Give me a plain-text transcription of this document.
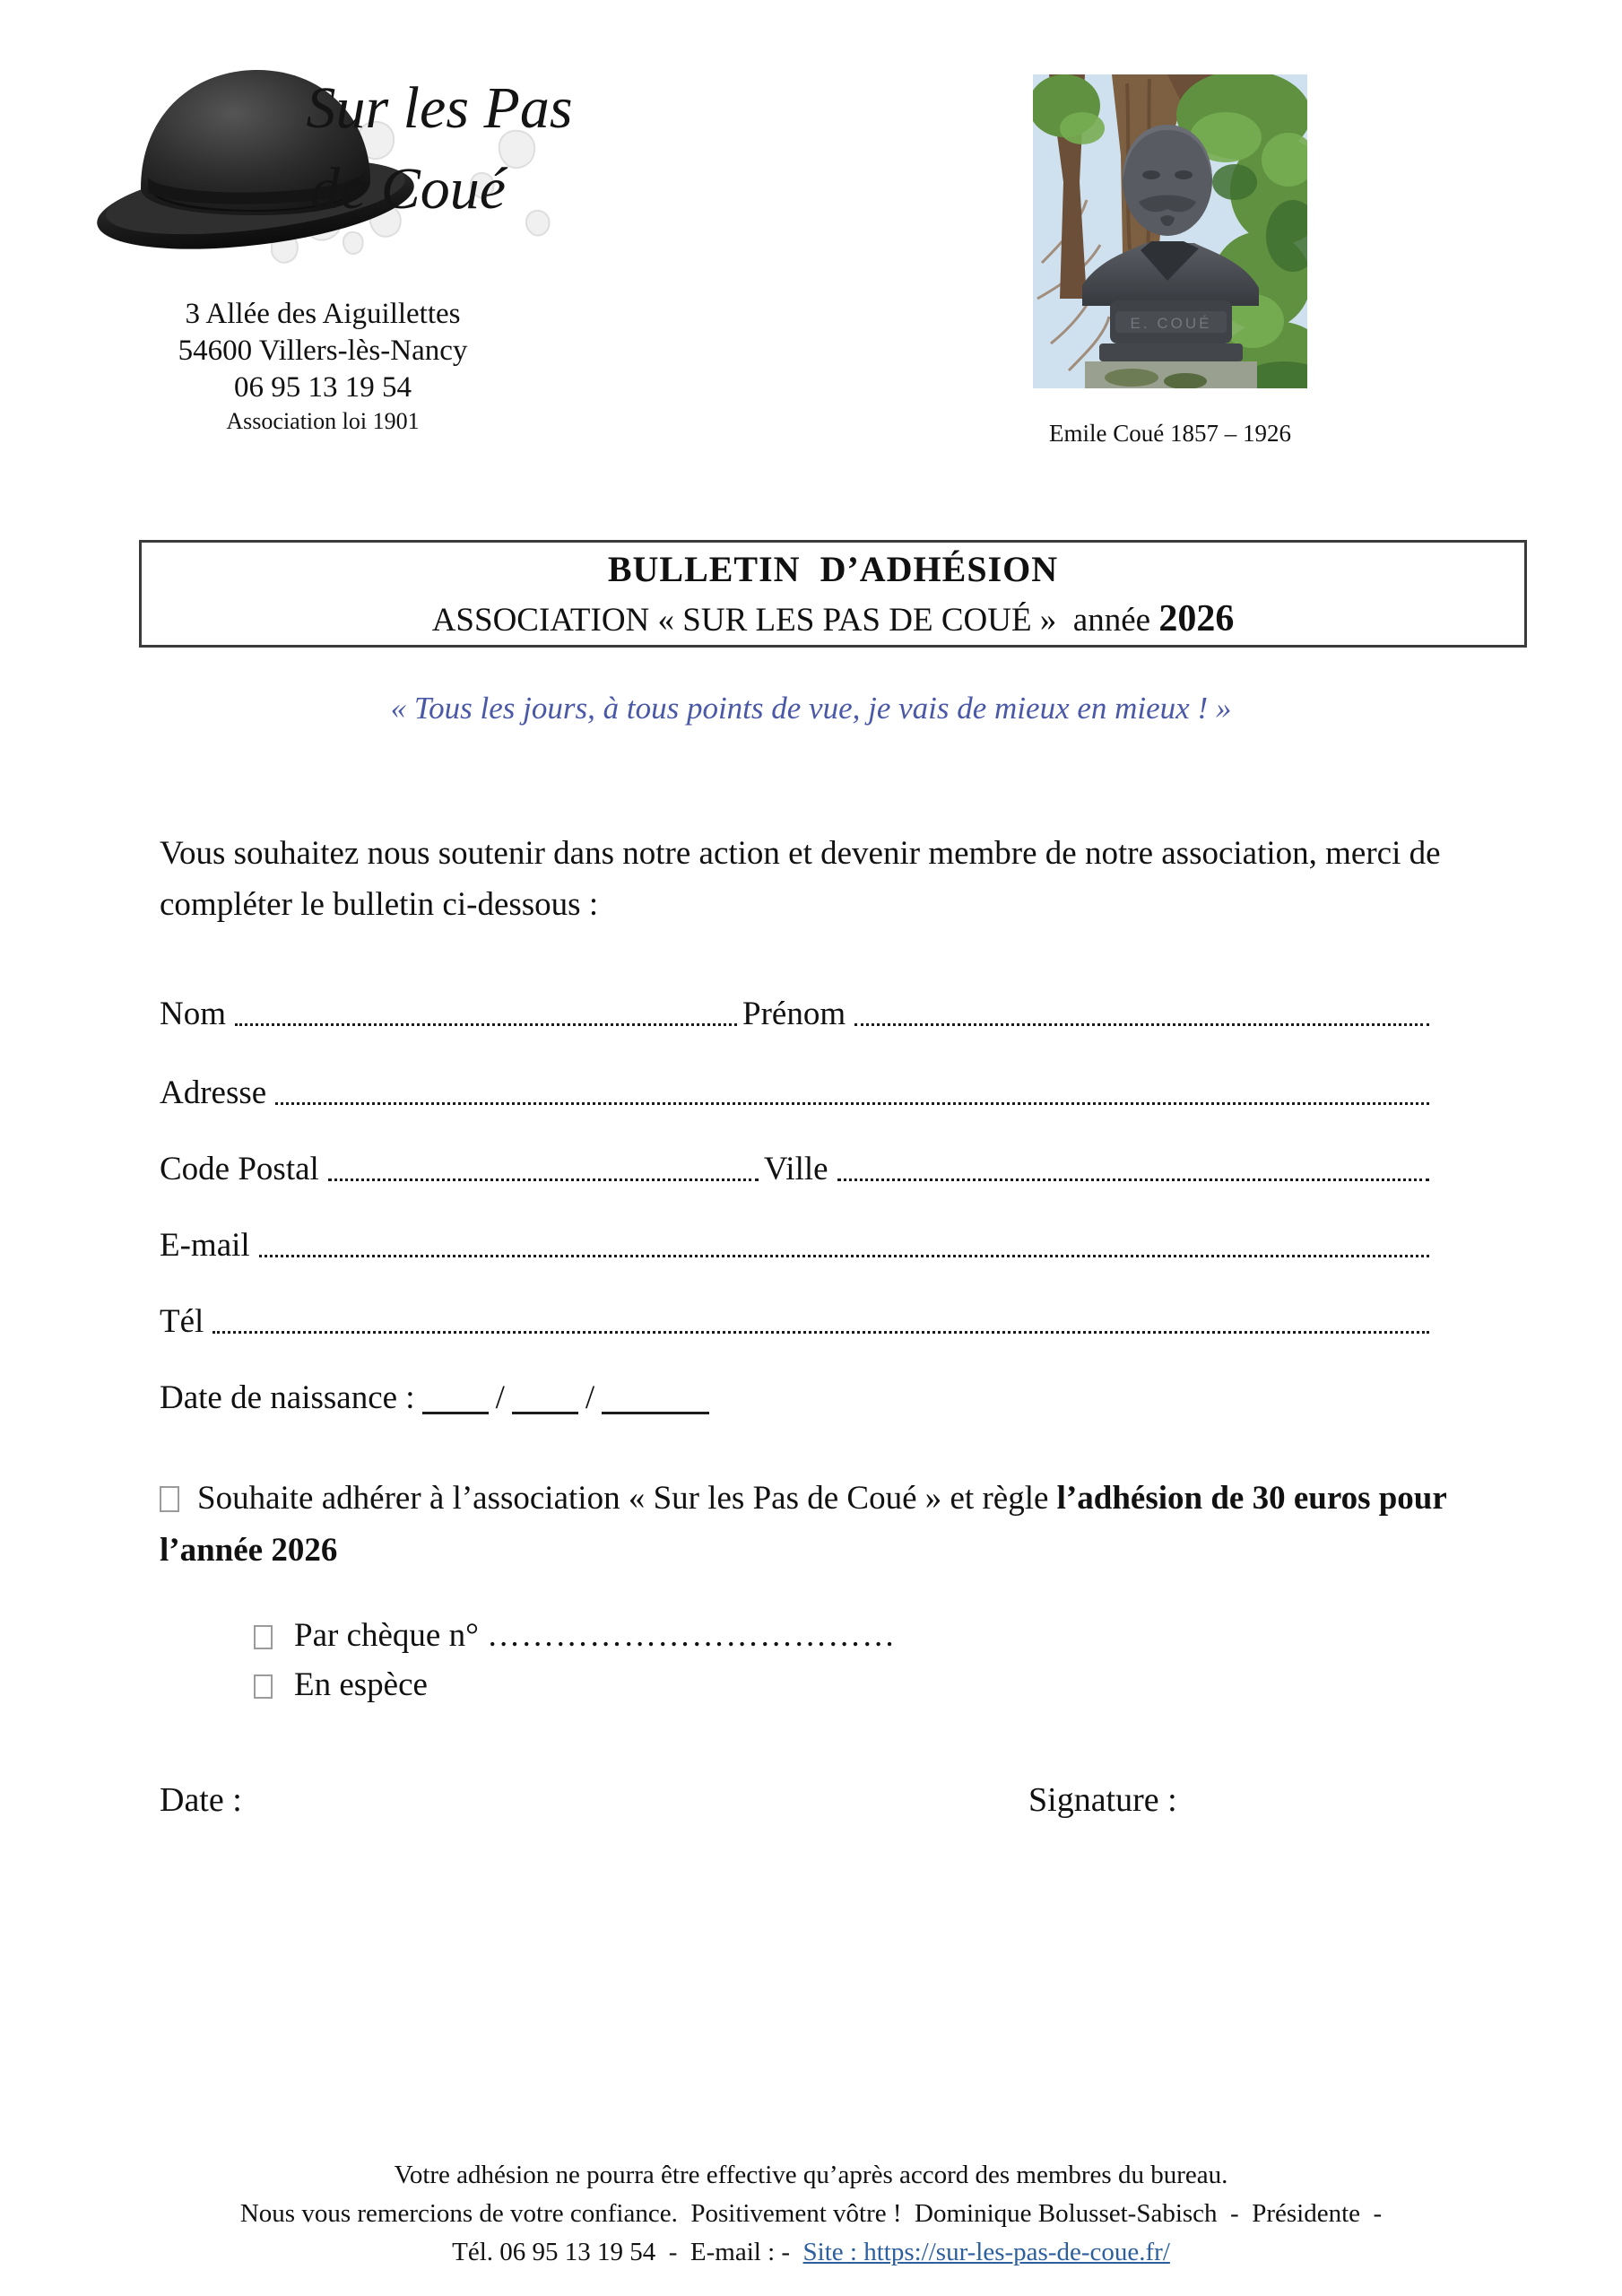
Sur les Pas
de Coué
3 Allée des Aiguillettes
54600 Villers-lès-Nancy
06 95 13 19 54
Association loi 1901
E. COUÉ
Emile Coué 1857 – 1926
BULLETIN  D’ADHÉSION
ASSOCIATION « SUR LES PAS DE COUÉ »  année 2026
« Tous les jours, à tous points de vue, je vais de mieux en mieux ! »
Vous souhaitez nous soutenir dans notre action et devenir membre de notre association, merci de compléter le bulletin ci-dessous :
Nom	Prénom
Adresse
Code Postal	Ville
E-mail
Tél
Date de naissance : / /
Souhaite adhérer à l’association « Sur les Pas de Coué » et règle l’adhésion de 30 euros pour l’année 2026
Par chèque n° ………………………………
En espèce
Date :	Signature :
Votre adhésion ne pourra être effective qu’après accord des membres du bureau.
Nous vous remercions de votre confiance.  Positivement vôtre !  Dominique Bolusset-Sabisch  -  Présidente  -
Tél. 06 95 13 19 54  -  E-mail : -  Site : https://sur-les-pas-de-coue.fr/
